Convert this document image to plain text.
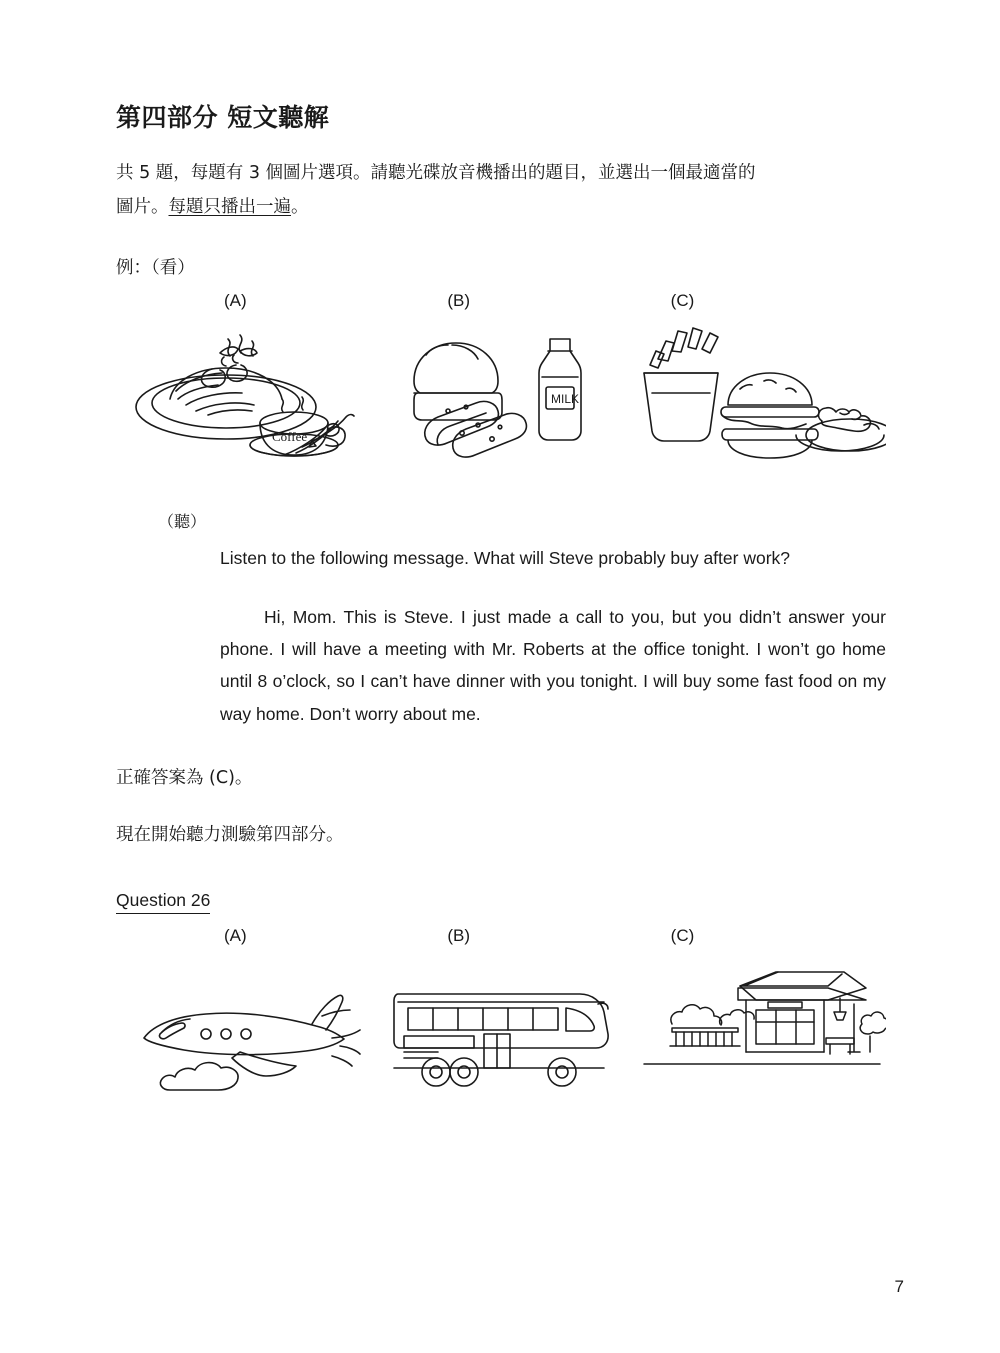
第四部分 短文聽解

共 5 題，每題有 3 個圖片選項。請聽光碟放音機播出的題目，並選出一個最適當的
圖片。每題只播出一遍。

例：（看）

(A)	(B)	(C)
Coffee
MILK

（聽）

Listen to the following message. What will Steve probably buy after work?

Hi, Mom. This is Steve. I just made a call to you, but you didn’t answer your phone. I will have a meeting with Mr. Roberts at the office tonight. I won’t go home until 8 o’clock, so I can’t have dinner with you tonight. I will buy some fast food on my way home. Don’t worry about me.

正確答案為 (C)。

現在開始聽力測驗第四部分。

Question 26
(A)	(B)	(C)
7
